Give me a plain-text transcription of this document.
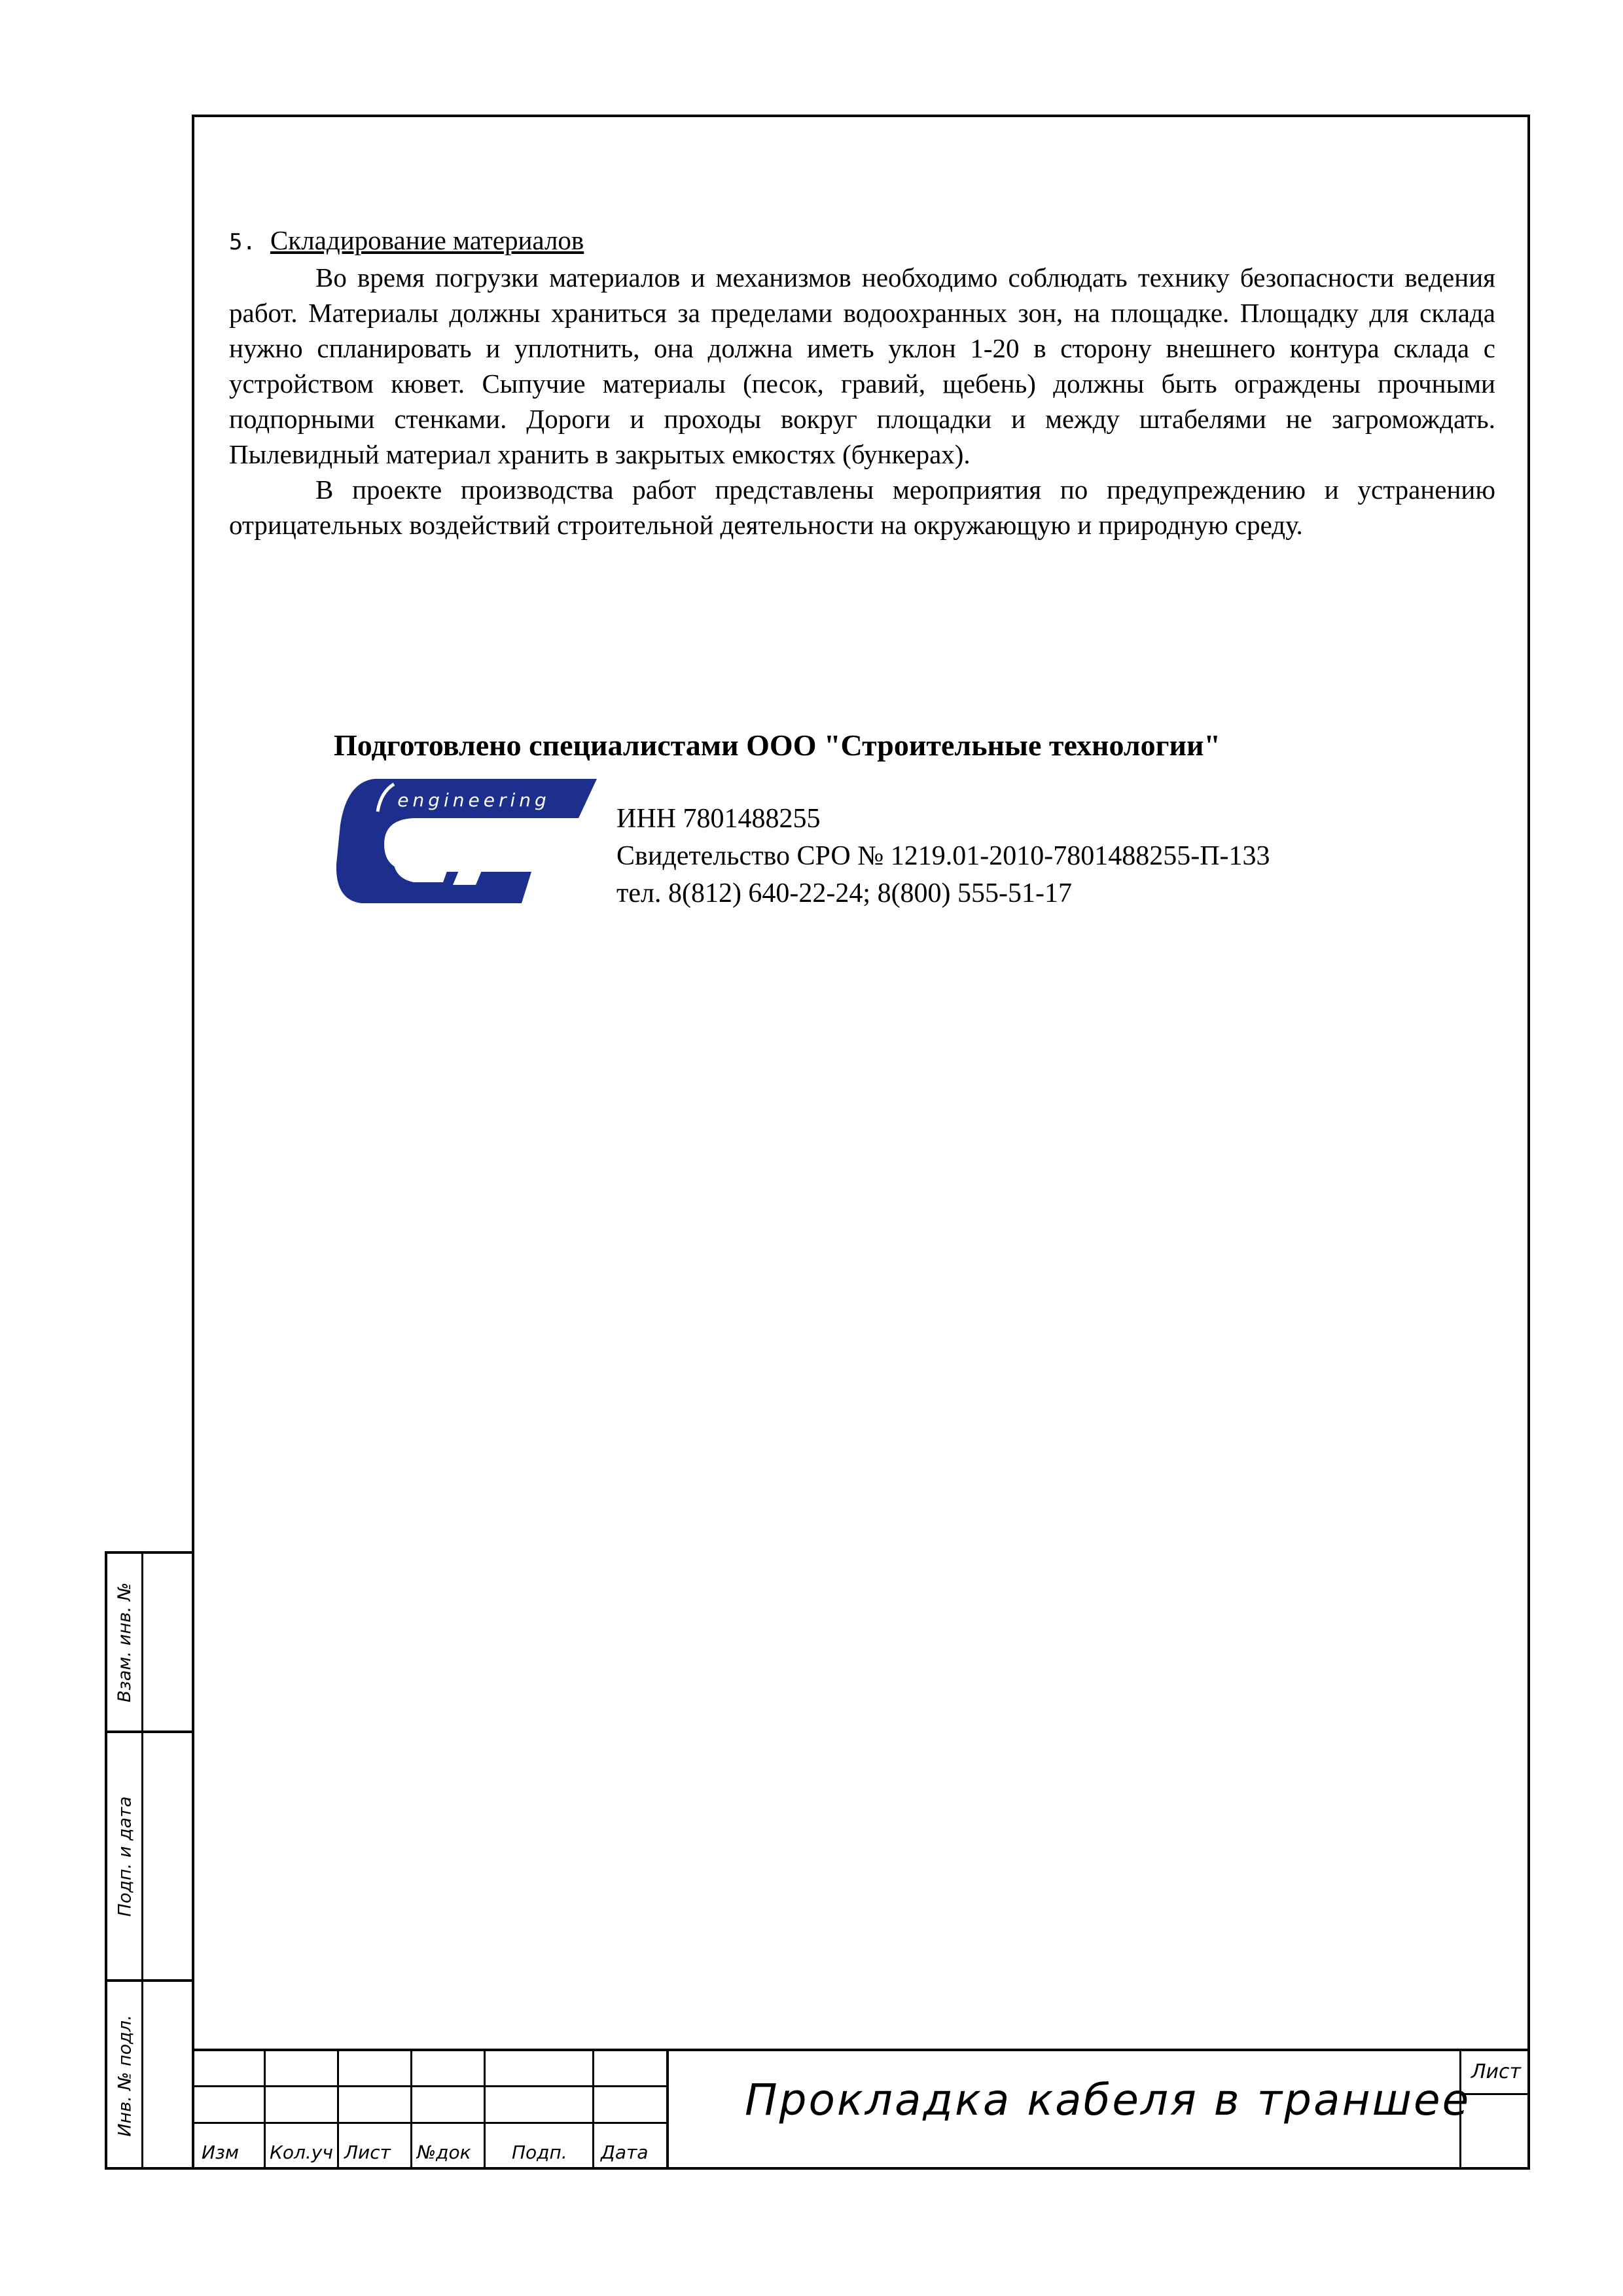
5. Складирование материалов

Во время погрузки материалов и механизмов необходимо соблюдать технику безопасности ведения работ. Материалы должны храниться за пределами водоохранных зон, на площадке. Площадку для склада нужно спланировать и уплотнить, она должна иметь уклон 1-20 в сторону внешнего контура склада с устройством кювет. Сыпучие материалы (песок, гравий, щебень) должны быть ограждены прочными подпорными стенками. Дороги и проходы вокруг площадки и между штабелями не загромождать. Пылевидный материал хранить в закрытых емкостях (бункерах).

В проекте производства работ представлены мероприятия по предупреждению и устранению отрицательных воздействий строительной деятельности на окружающую и природную среду.

Подготовлено специалистами ООО "Строительные технологии"
engineering
ИНН 7801488255
Свидетельство СРО № 1219.01-2010-7801488255-П-133
тел. 8(812) 640-22-24; 8(800) 555-51-17
Взам. инв. №
Подп. и дата
Инв. № подл.
Изм Кол.уч Лист №док Подп. Дата
Прокладка кабеля в траншее
Лист
